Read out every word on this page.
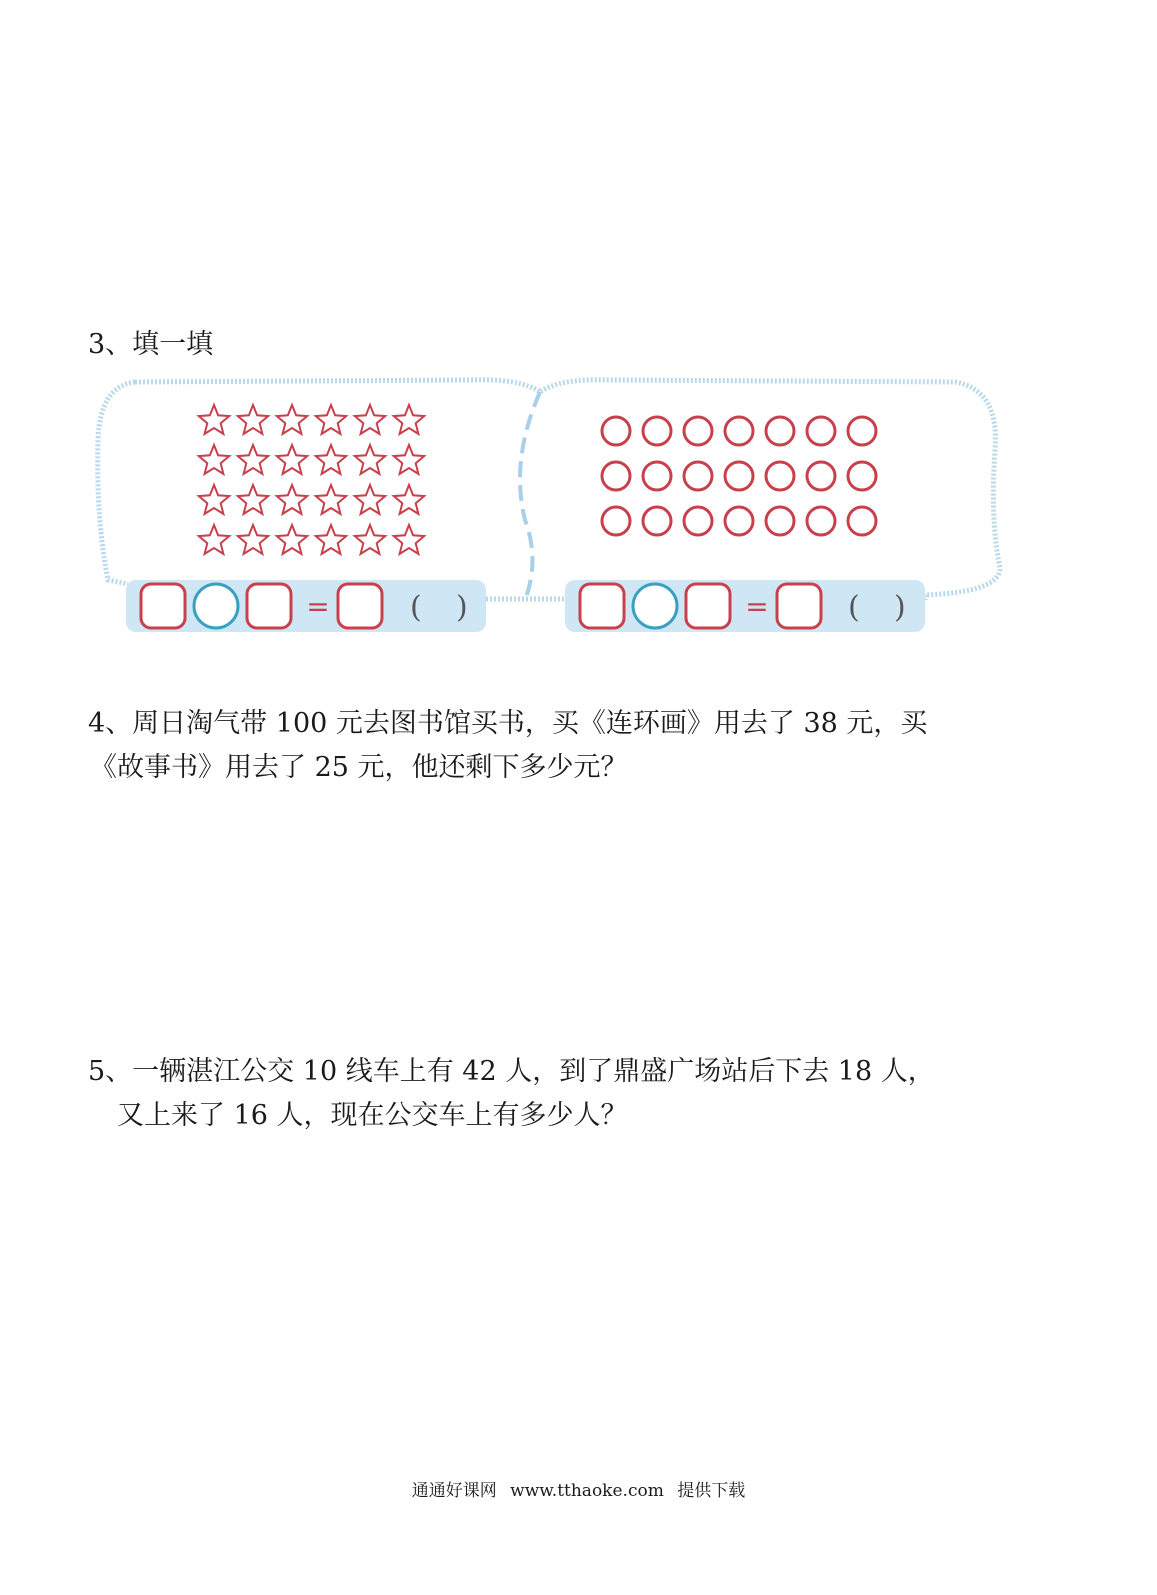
3、填一填
=	( )	=	( )
4、周日淘气带 100 元去图书馆买书，买《连环画》用去了 38 元，买
《故事书》用去了 25 元，他还剩下多少元？
5、一辆湛江公交 10 线车上有 42 人，到了鼎盛广场站后下去 18 人，
又上来了 16 人，现在公交车上有多少人？
通通好课网 www.tthaoke.com 提供下载
